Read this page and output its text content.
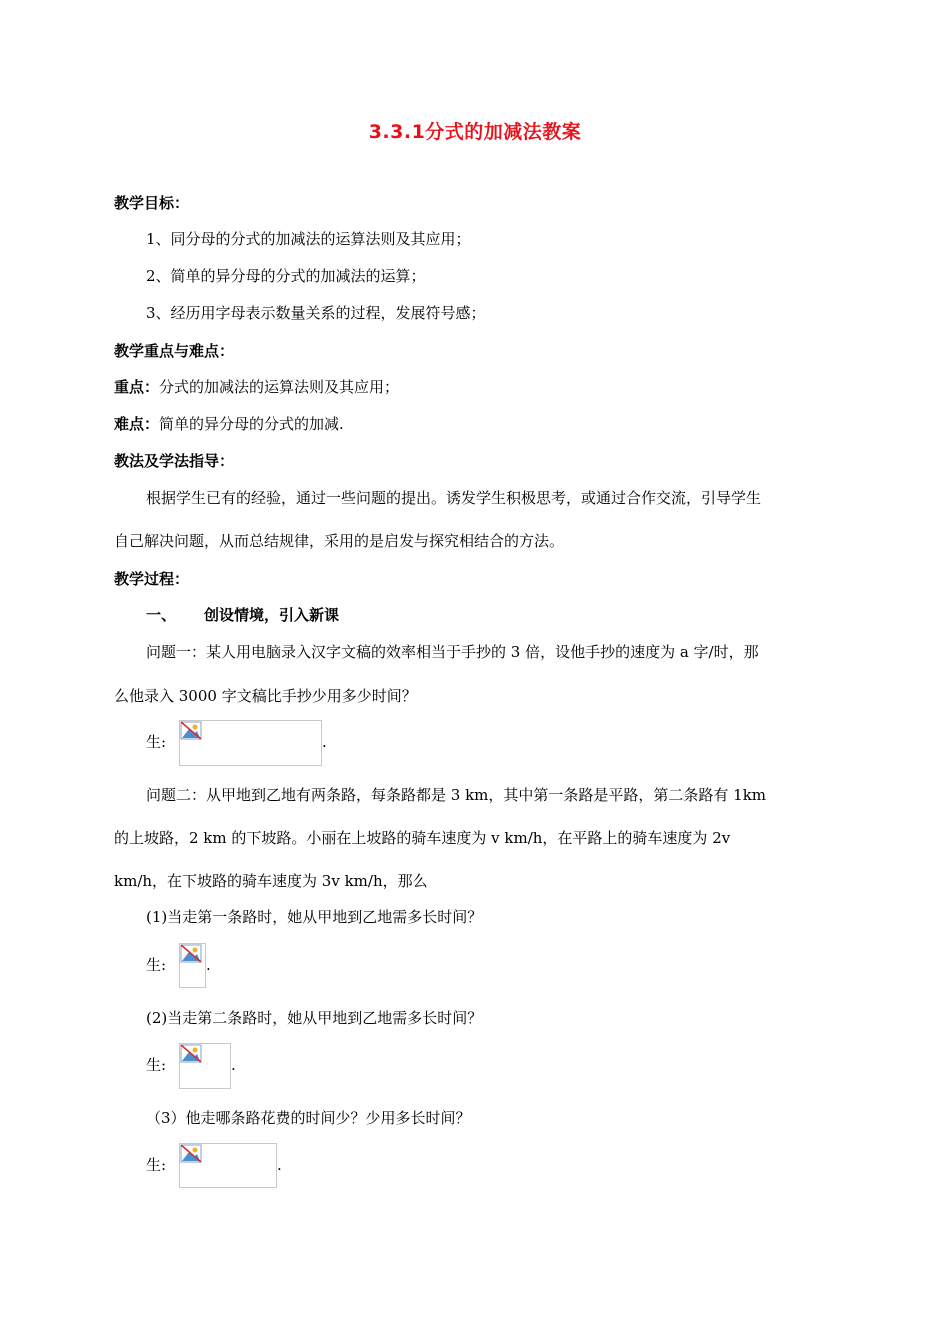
3.3.1分式的加减法教案
教学目标：
1、同分母的分式的加减法的运算法则及其应用；
2、简单的异分母的分式的加减法的运算；
3、经历用字母表示数量关系的过程，发展符号感；
教学重点与难点：
重点：分式的加减法的运算法则及其应用；
难点：简单的异分母的分式的加减.
教法及学法指导：
根据学生已有的经验，通过一些问题的提出。诱发学生积极思考，或通过合作交流，引导学生
自己解决问题，从而总结规律，采用的是启发与探究相结合的方法。
教学过程：
一、 创设情境，引入新课
问题一：某人用电脑录入汉字文稿的效率相当于手抄的 3 倍，设他手抄的速度为 a 字/时，那
么他录入 3000 字文稿比手抄少用多少时间？
生:	.
问题二：从甲地到乙地有两条路，每条路都是 3 km，其中第一条路是平路，第二条路有 1km
的上坡路，2 km 的下坡路。小丽在上坡路的骑车速度为 v km/h，在平路上的骑车速度为 2v
km/h，在下坡路的骑车速度为 3v km/h，那么
(1)当走第一条路时，她从甲地到乙地需多长时间？
生:	.
(2)当走第二条路时，她从甲地到乙地需多长时间？
生:	.
（3）他走哪条路花费的时间少？少用多长时间？
生:	.
